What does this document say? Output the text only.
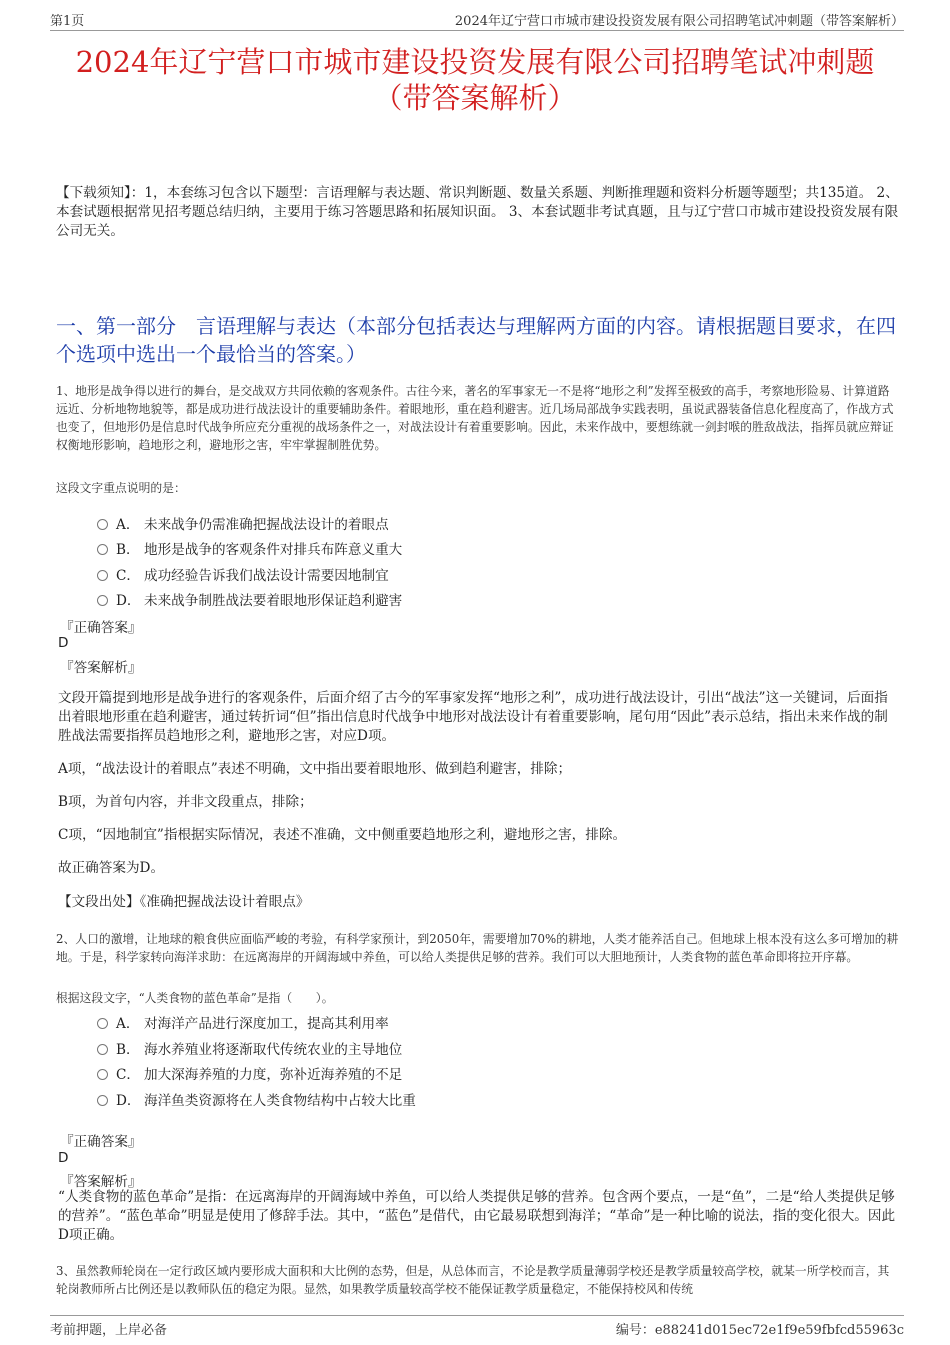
第1页	2024年辽宁营口市城市建设投资发展有限公司招聘笔试冲刺题（带答案解析）
2024年辽宁营口市城市建设投资发展有限公司招聘笔试冲刺题
（带答案解析）
【下载须知】：1，本套练习包含以下题型：言语理解与表达题、常识判断题、数量关系题、判断推理题和资料分析题等题型；共135道。 2、本套试题根据常见招考题总结归纳，主要用于练习答题思路和拓展知识面。 3、本套试题非考试真题，且与辽宁营口市城市建设投资发展有限公司无关。
一、第一部分　言语理解与表达（本部分包括表达与理解两方面的内容。请根据题目要求，在四个选项中选出一个最恰当的答案。）
1、地形是战争得以进行的舞台，是交战双方共同依赖的客观条件。古往今来，著名的军事家无一不是将“地形之利”发挥至极致的高手，考察地形险易、计算道路远近、分析地物地貌等，都是成功进行战法设计的重要辅助条件。着眼地形，重在趋利避害。近几场局部战争实践表明，虽说武器装备信息化程度高了，作战方式也变了，但地形仍是信息时代战争所应充分重视的战场条件之一，对战法设计有着重要影响。因此，未来作战中，要想练就一剑封喉的胜敌战法，指挥员就应辩证权衡地形影响，趋地形之利，避地形之害，牢牢掌握制胜优势。
这段文字重点说明的是：
A． 未来战争仍需准确把握战法设计的着眼点
B． 地形是战争的客观条件对排兵布阵意义重大
C． 成功经验告诉我们战法设计需要因地制宜
D． 未来战争制胜战法要着眼地形保证趋利避害
『正确答案』
D
『答案解析』
文段开篇提到地形是战争进行的客观条件，后面介绍了古今的军事家发挥“地形之利”，成功进行战法设计，引出“战法”这一关键词，后面指出着眼地形重在趋利避害，通过转折词“但”指出信息时代战争中地形对战法设计有着重要影响，尾句用“因此”表示总结，指出未来作战的制胜战法需要指挥员趋地形之利，避地形之害，对应D项。
A项，“战法设计的着眼点”表述不明确，文中指出要着眼地形、做到趋利避害，排除；
B项，为首句内容，并非文段重点，排除；
C项，“因地制宜”指根据实际情况，表述不准确，文中侧重要趋地形之利，避地形之害，排除。
故正确答案为D。
【文段出处】《准确把握战法设计着眼点》
2、人口的激增，让地球的粮食供应面临严峻的考验，有科学家预计，到2050年，需要增加70%的耕地，人类才能养活自己。但地球上根本没有这么多可增加的耕地。于是，科学家转向海洋求助：在远离海岸的开阔海域中养鱼，可以给人类提供足够的营养。我们可以大胆地预计，人类食物的蓝色革命即将拉开序幕。
根据这段文字，“人类食物的蓝色革命”是指（　　）。
A． 对海洋产品进行深度加工，提高其利用率
B． 海水养殖业将逐渐取代传统农业的主导地位
C． 加大深海养殖的力度，弥补近海养殖的不足
D． 海洋鱼类资源将在人类食物结构中占较大比重
『正确答案』
D
『答案解析』
“人类食物的蓝色革命”是指：在远离海岸的开阔海域中养鱼，可以给人类提供足够的营养。包含两个要点，一是“鱼”，二是“给人类提供足够的营养”。“蓝色革命”明显是使用了修辞手法。其中，“蓝色”是借代，由它最易联想到海洋；“革命”是一种比喻的说法，指的变化很大。因此D项正确。
3、虽然教师轮岗在一定行政区域内要形成大面积和大比例的态势，但是，从总体而言，不论是教学质量薄弱学校还是教学质量较高学校，就某一所学校而言，其轮岗教师所占比例还是以教师队伍的稳定为限。显然，如果教学质量较高学校不能保证教学质量稳定，不能保持校风和传统
考前押题，上岸必备	编号：e88241d015ec72e1f9e59fbfcd55963c
